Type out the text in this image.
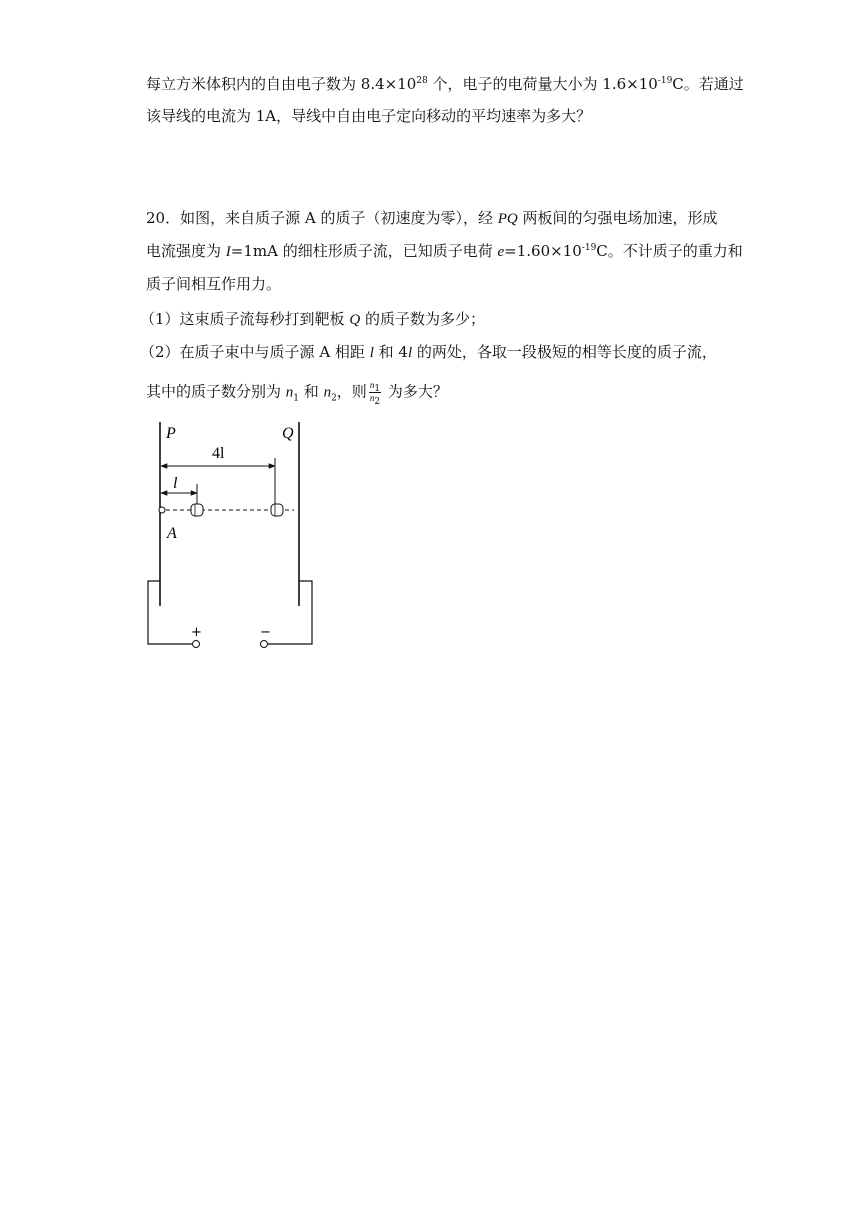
每立方米体积内的自由电子数为 $8.4\times 10^{28}$ 个，电子的电荷量大小为 $1.6\times 10^{-19}C$。若通过
该导线的电流为 1A，导线中自由电子定向移动的平均速率为多大？
20．如图，来自质子源 A 的质子（初速度为零），经 PQ 两板间的匀强电场加速，形成
电流强度为 I=1mA 的细柱形质子流，已知质子电荷 $e=1.60\times 10^{-19}C$。不计质子的重力和
质子间相互作用力。
（1）这束质子流每秒打到靶板 Q 的质子数为多少；
（2）在质子束中与质子源 A 相距 l 和 4l 的两处，各取一段极短的相等长度的质子流，
其中的质子数分别为 $n_1$ 和 $n_2$，则 $\frac{n_1}{n_2}$ 为多大？
P	Q
4l
l
A
+	−
